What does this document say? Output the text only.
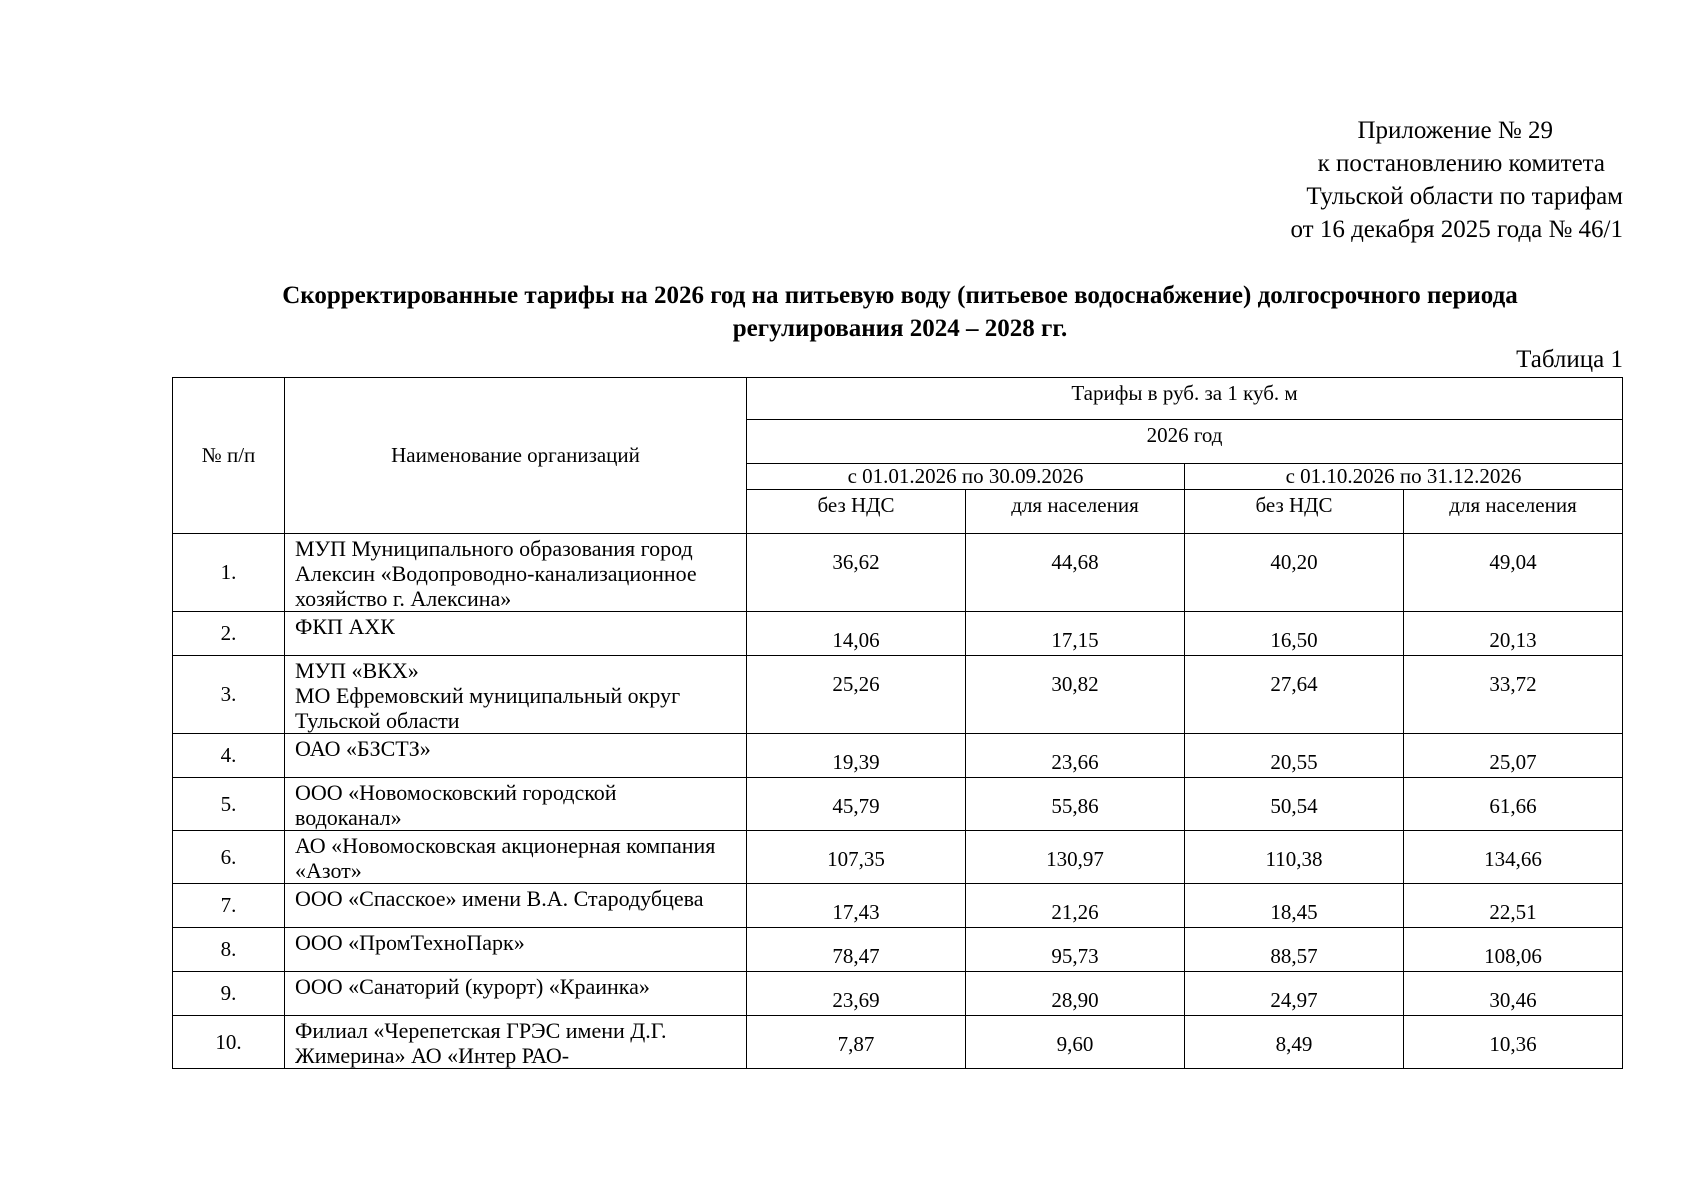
Приложение № 29
к постановлению комитета
Тульской области по тарифам
от 16 декабря 2025 года № 46/1
Скорректированные тарифы на 2026 год на питьевую воду (питьевое водоснабжение) долгосрочного периода
регулирования 2024 – 2028 гг.
Таблица 1
№ п/п	Наименование организаций	Тарифы в руб. за 1 куб. м			
		2026 год			
		с 01.01.2026 по 30.09.2026		с 01.10.2026 по 31.12.2026	
		без НДС	для населения	без НДС	для населения
1.	МУП Муниципального образования город
Алексин «Водопроводно-канализационное
хозяйство г. Алексина»	36,62	44,68	40,20	49,04
2.	ФКП АХК	14,06	17,15	16,50	20,13
3.	МУП «ВКХ»
МО Ефремовский муниципальный округ
Тульской области	25,26	30,82	27,64	33,72
4.	ОАО «БЗСТЗ»	19,39	23,66	20,55	25,07
5.	ООО «Новомосковский городской
водоканал»	45,79	55,86	50,54	61,66
6.	АО «Новомосковская акционерная компания
«Азот»	107,35	130,97	110,38	134,66
7.	ООО «Спасское» имени В.А. Стародубцева	17,43	21,26	18,45	22,51
8.	ООО «ПромТехноПарк»	78,47	95,73	88,57	108,06
9.	ООО «Санаторий (курорт) «Краинка»	23,69	28,90	24,97	30,46
10.	Филиал «Черепетская ГРЭС имени Д.Г.
Жимерина» АО «Интер РАО-	7,87	9,60	8,49	10,36
